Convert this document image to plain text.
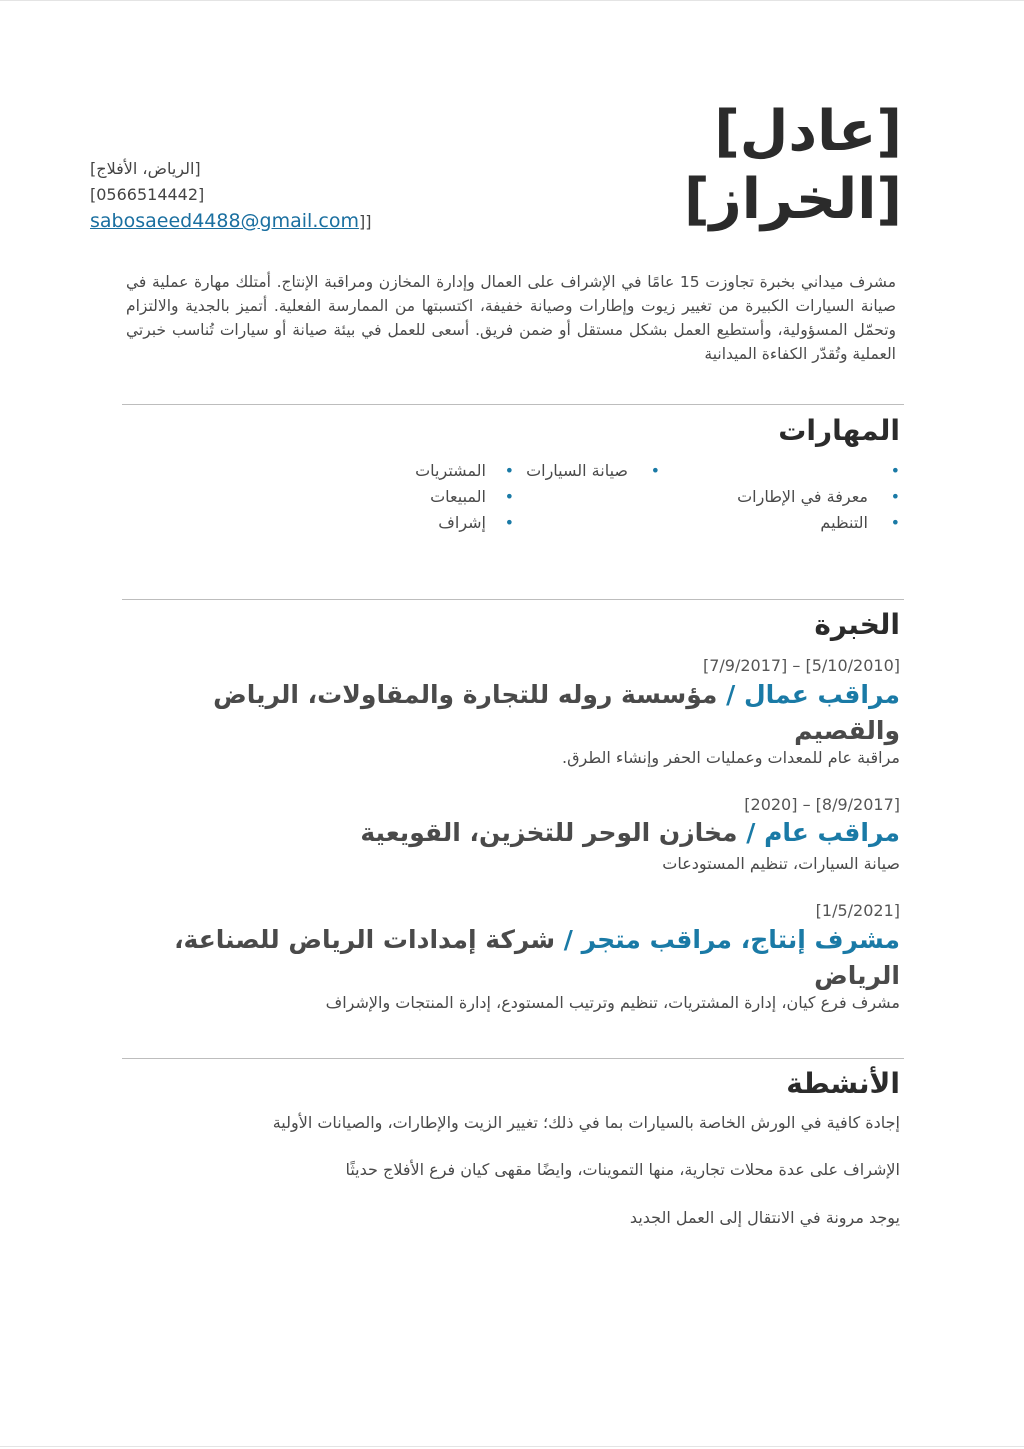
[عادل]
[الخراز]
[الرياض، الأفلاج]
[0566514442]
sabosaeed4488@gmail.com]]
مشرف ميداني بخبرة تجاوزت 15 عامًا في الإشراف على العمال وإدارة المخازن ومراقبة الإنتاج. أمتلك مهارة عملية في صيانة السيارات الكبيرة من تغيير زيوت وإطارات وصيانة خفيفة، اكتسبتها من الممارسة الفعلية. أتميز بالجدية والالتزام وتحمّل المسؤولية، وأستطيع العمل بشكل مستقل أو ضمن فريق. أسعى للعمل في بيئة صيانة أو سيارات تُناسب خبرتي العملية وتُقدّر الكفاءة الميدانية
المهارات
•
• معرفة في الإطارات
• التنظيم
• صيانة السيارات
• المشتريات
• المبيعات
• إشراف
الخبرة
[5/10/2010] – [7/9/2017]
مراقب عمال / مؤسسة روله للتجارة والمقاولات، الرياض والقصيم
مراقبة عام للمعدات وعمليات الحفر وإنشاء الطرق.
[8/9/2017] – [2020]
مراقب عام / مخازن الوحر للتخزين، القويعية
صيانة السيارات، تنظيم المستودعات
[1/5/2021]
مشرف إنتاج، مراقب متجر / شركة إمدادات الرياض للصناعة، الرياض
مشرف فرع كيان، إدارة المشتريات، تنظيم وترتيب المستودع، إدارة المنتجات والإشراف
الأنشطة
إجادة كافية في الورش الخاصة بالسيارات بما في ذلك؛ تغيير الزيت والإطارات، والصيانات الأولية
الإشراف على عدة محلات تجارية، منها التموينات، وايضًا مقهى كيان فرع الأفلاج حديثًا
يوجد مرونة في الانتقال إلى العمل الجديد
